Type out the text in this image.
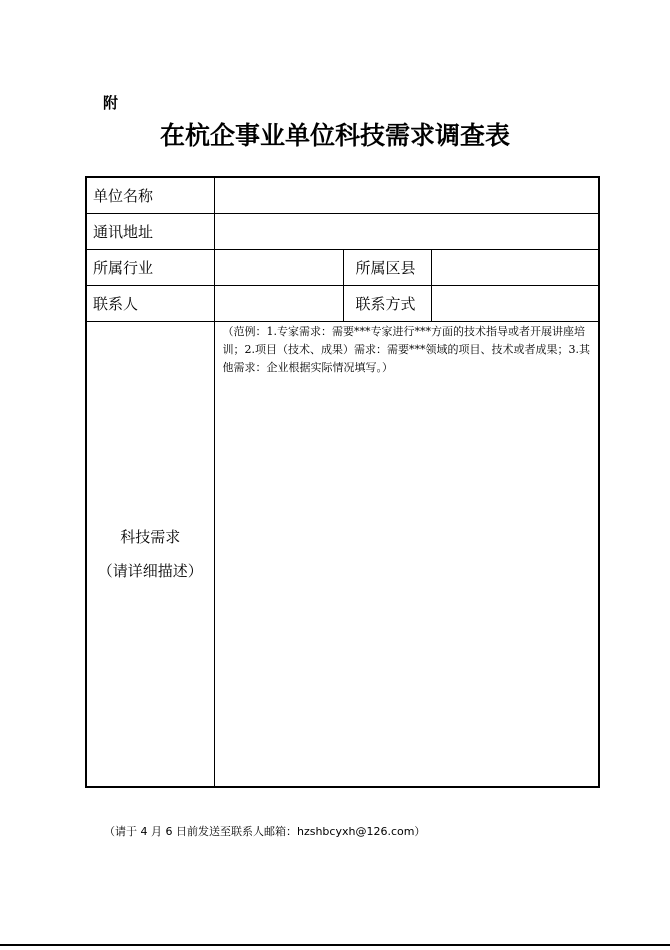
附
在杭企事业单位科技需求调查表
单位名称			
通讯地址			
所属行业		所属区县	
联系人		联系方式	

科技需求
（请详细描述）	（范例：1.专家需求：需要***专家进行***方面的技术指导或者开展讲座培训；2.项目（技术、成果）需求：需要***领域的项目、技术或者成果；3.其他需求：企业根据实际情况填写。）		
（请于 4 月 6 日前发送至联系人邮箱：hzshbcyxh@126.com）
